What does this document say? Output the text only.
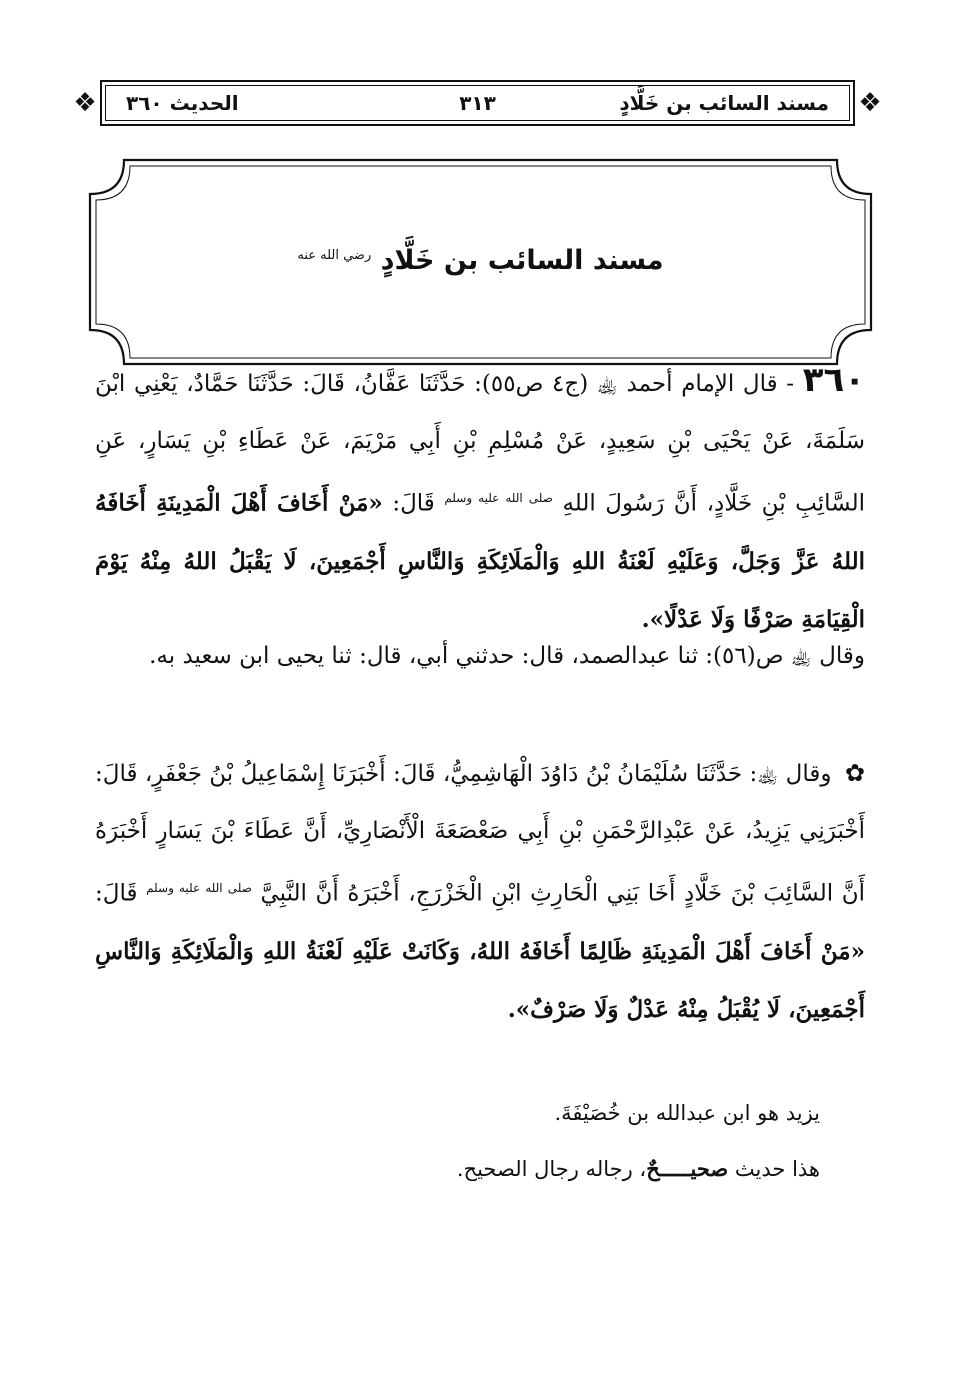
❖	❖
مسند السائب بن خَلَّادٍ
٣١٣
الحديث ٣٦٠
مسند السائب بن خَلَّادٍ $^{رضي الله عنه}$
٣٦٠ - قال الإمام أحمد ﵀ (ج٤ ص٥٥): حَدَّثَنَا عَفَّانُ، قَالَ: حَدَّثَنَا حَمَّادٌ، يَعْنِي ابْنَ سَلَمَةَ، عَنْ يَحْيَى بْنِ سَعِيدٍ، عَنْ مُسْلِمِ بْنِ أَبِي مَرْيَمَ، عَنْ عَطَاءِ بْنِ يَسَارٍ، عَنِ السَّائِبِ بْنِ خَلَّادٍ، أَنَّ رَسُولَ اللهِ $^{صلى الله عليه وسلم}$ قَالَ: «مَنْ أَخَافَ أَهْلَ الْمَدِينَةِ أَخَافَهُ اللهُ عَزَّ وَجَلَّ، وَعَلَيْهِ لَعْنَةُ اللهِ وَالْمَلَائِكَةِ وَالنَّاسِ أَجْمَعِينَ، لَا يَقْبَلُ اللهُ مِنْهُ يَوْمَ الْقِيَامَةِ صَرْفًا وَلَا عَدْلًا».
وقال ﵀ ص(٥٦): ثنا عبدالصمد، قال: حدثني أبي، قال: ثنا يحيى ابن سعيد به.
✿ وقال ﵀: حَدَّثَنَا سُلَيْمَانُ بْنُ دَاوُدَ الْهَاشِمِيُّ، قَالَ: أَخْبَرَنَا إِسْمَاعِيلُ بْنُ جَعْفَرٍ، قَالَ: أَخْبَرَنِي يَزِيدُ، عَنْ عَبْدِالرَّحْمَنِ بْنِ أَبِي صَعْصَعَةَ الْأَنْصَارِيِّ، أَنَّ عَطَاءَ بْنَ يَسَارٍ أَخْبَرَهُ أَنَّ السَّائِبَ بْنَ خَلَّادٍ أَخَا بَنِي الْحَارِثِ ابْنِ الْخَزْرَجِ، أَخْبَرَهُ أَنَّ النَّبِيَّ $^{صلى الله عليه وسلم}$ قَالَ: «مَنْ أَخَافَ أَهْلَ الْمَدِينَةِ ظَالِمًا أَخَافَهُ اللهُ، وَكَانَتْ عَلَيْهِ لَعْنَةُ اللهِ وَالْمَلَائِكَةِ وَالنَّاسِ أَجْمَعِينَ، لَا يُقْبَلُ مِنْهُ عَدْلٌ وَلَا صَرْفٌ».
يزيد هو ابن عبدالله بن خُصَيْفَةَ.
هذا حديث صحيـــــحٌ، رجاله رجال الصحيح.
